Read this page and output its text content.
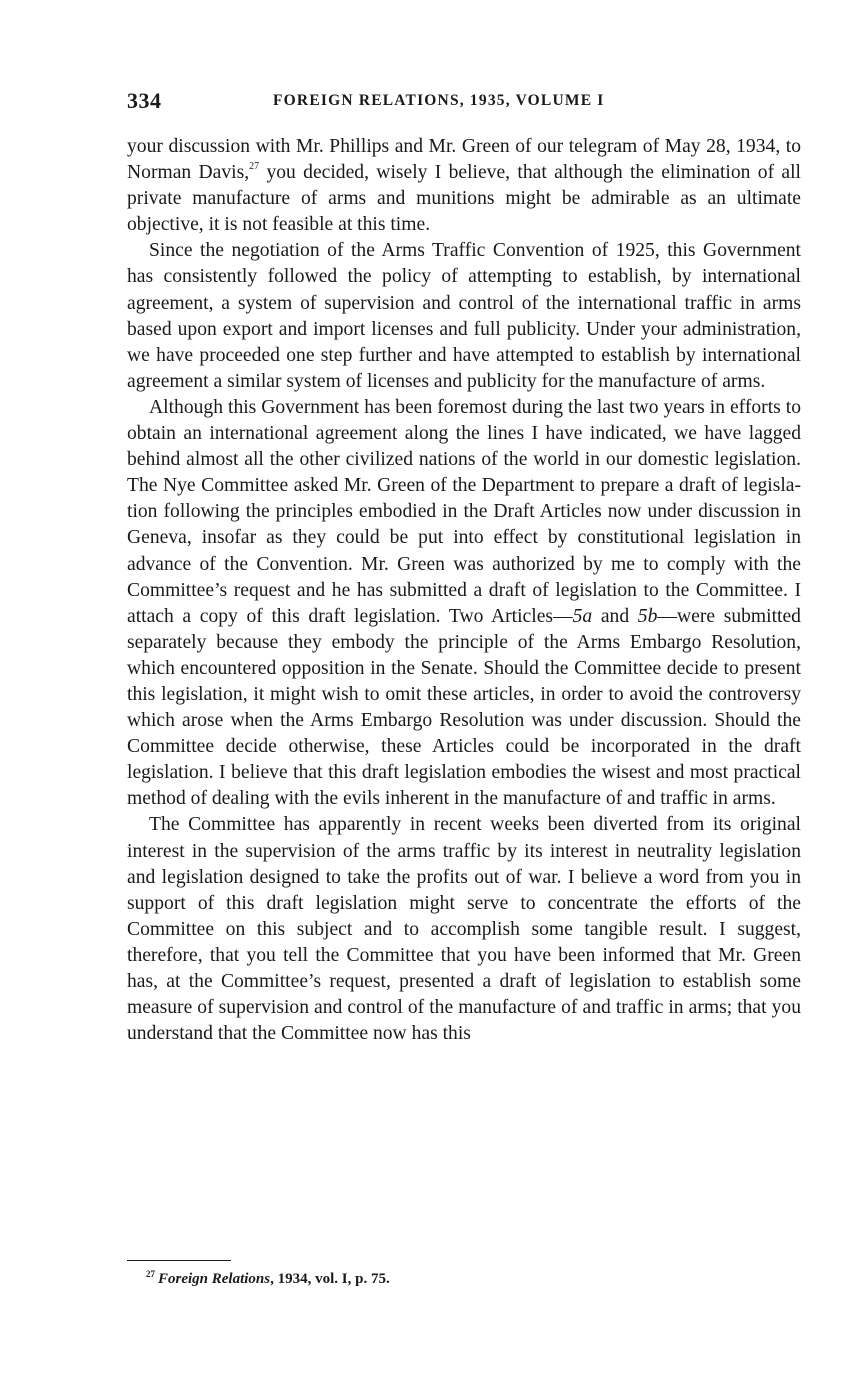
334	FOREIGN RELATIONS, 1935, VOLUME I

your discussion with Mr. Phillips and Mr. Green of our telegram of May 28, 1934, to Norman Davis,$^{27}$ you decided, wisely I believe, that although the elimination of all private manufacture of arms and munitions might be admirable as an ultimate objective, it is not feasible at this time.

Since the negotiation of the Arms Traffic Convention of 1925, this Government has consistently followed the policy of attempting to establish, by international agreement, a system of supervision and control of the international traffic in arms based upon export and import licenses and full publicity. Under your administration, we have proceeded one step further and have attempted to establish by international agreement a similar system of licenses and publicity for the manufacture of arms.

Although this Government has been foremost during the last two years in efforts to obtain an international agreement along the lines I have indicated, we have lagged behind almost all the other civilized nations of the world in our domestic legislation. The Nye Committee asked Mr. Green of the Department to prepare a draft of legislation following the principles embodied in the Draft Articles now under discussion in Geneva, insofar as they could be put into effect by constitutional legislation in advance of the Convention. Mr. Green was authorized by me to comply with the Committee’s request and he has submitted a draft of legislation to the Committee. I attach a copy of this draft legislation. Two Articles—5a and 5b—were submitted separately because they embody the principle of the Arms Embargo Resolution, which encountered opposition in the Senate. Should the Committee decide to present this legislation, it might wish to omit these articles, in order to avoid the controversy which arose when the Arms Embargo Resolution was under discussion. Should the Committee decide otherwise, these Articles could be incorporated in the draft legislation. I believe that this draft legislation embodies the wisest and most practical method of dealing with the evils inherent in the manufacture of and traffic in arms.

The Committee has apparently in recent weeks been diverted from its original interest in the supervision of the arms traffic by its interest in neutrality legislation and legislation designed to take the profits out of war. I believe a word from you in support of this draft legislation might serve to concentrate the efforts of the Committee on this subject and to accomplish some tangible result. I suggest, therefore, that you tell the Committee that you have been informed that Mr. Green has, at the Committee’s request, presented a draft of legislation to establish some measure of supervision and control of the manufacture of and traffic in arms; that you understand that the Committee now has this

$^{27}$ Foreign Relations, 1934, vol. I, p. 75.
